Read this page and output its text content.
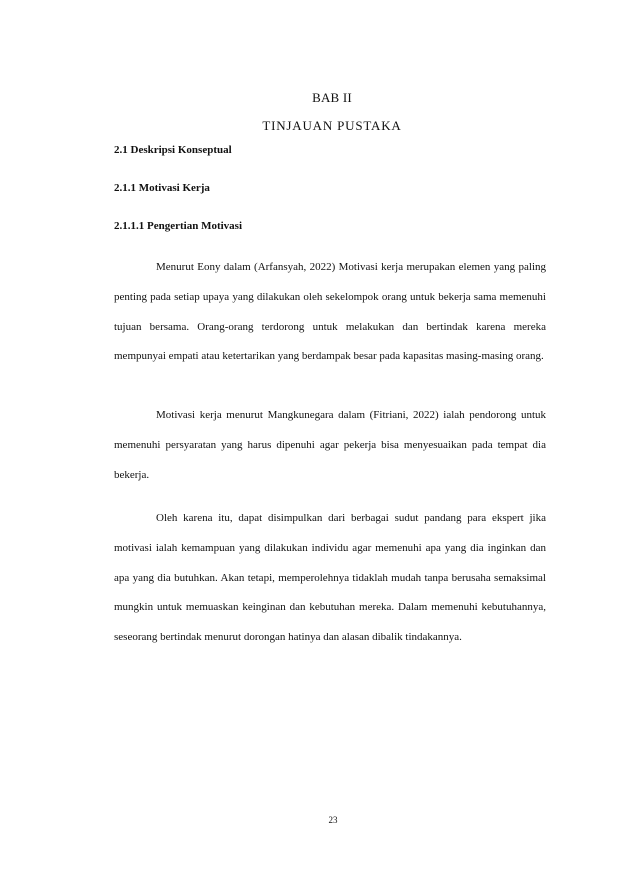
BAB II
TINJAUAN PUSTAKA
2.1 Deskripsi Konseptual
2.1.1 Motivasi Kerja
2.1.1.1 Pengertian Motivasi

Menurut Eony dalam (Arfansyah, 2022) Motivasi kerja merupakan elemen yang paling penting pada setiap upaya yang dilakukan oleh sekelompok orang untuk bekerja sama memenuhi tujuan bersama. Orang-orang terdorong untuk melakukan dan bertindak karena mereka mempunyai empati atau ketertarikan yang berdampak besar pada kapasitas masing-masing orang.

Motivasi kerja menurut Mangkunegara dalam (Fitriani, 2022) ialah pendorong untuk memenuhi persyaratan yang harus dipenuhi agar pekerja bisa menyesuaikan pada tempat dia bekerja.

Oleh karena itu, dapat disimpulkan dari berbagai sudut pandang para ekspert jika motivasi ialah kemampuan yang dilakukan individu agar memenuhi apa yang dia inginkan dan apa yang dia butuhkan. Akan tetapi, memperolehnya tidaklah mudah tanpa berusaha semaksimal mungkin untuk memuaskan keinginan dan kebutuhan mereka. Dalam memenuhi kebutuhannya, seseorang bertindak menurut dorongan hatinya dan alasan dibalik tindakannya.

23
